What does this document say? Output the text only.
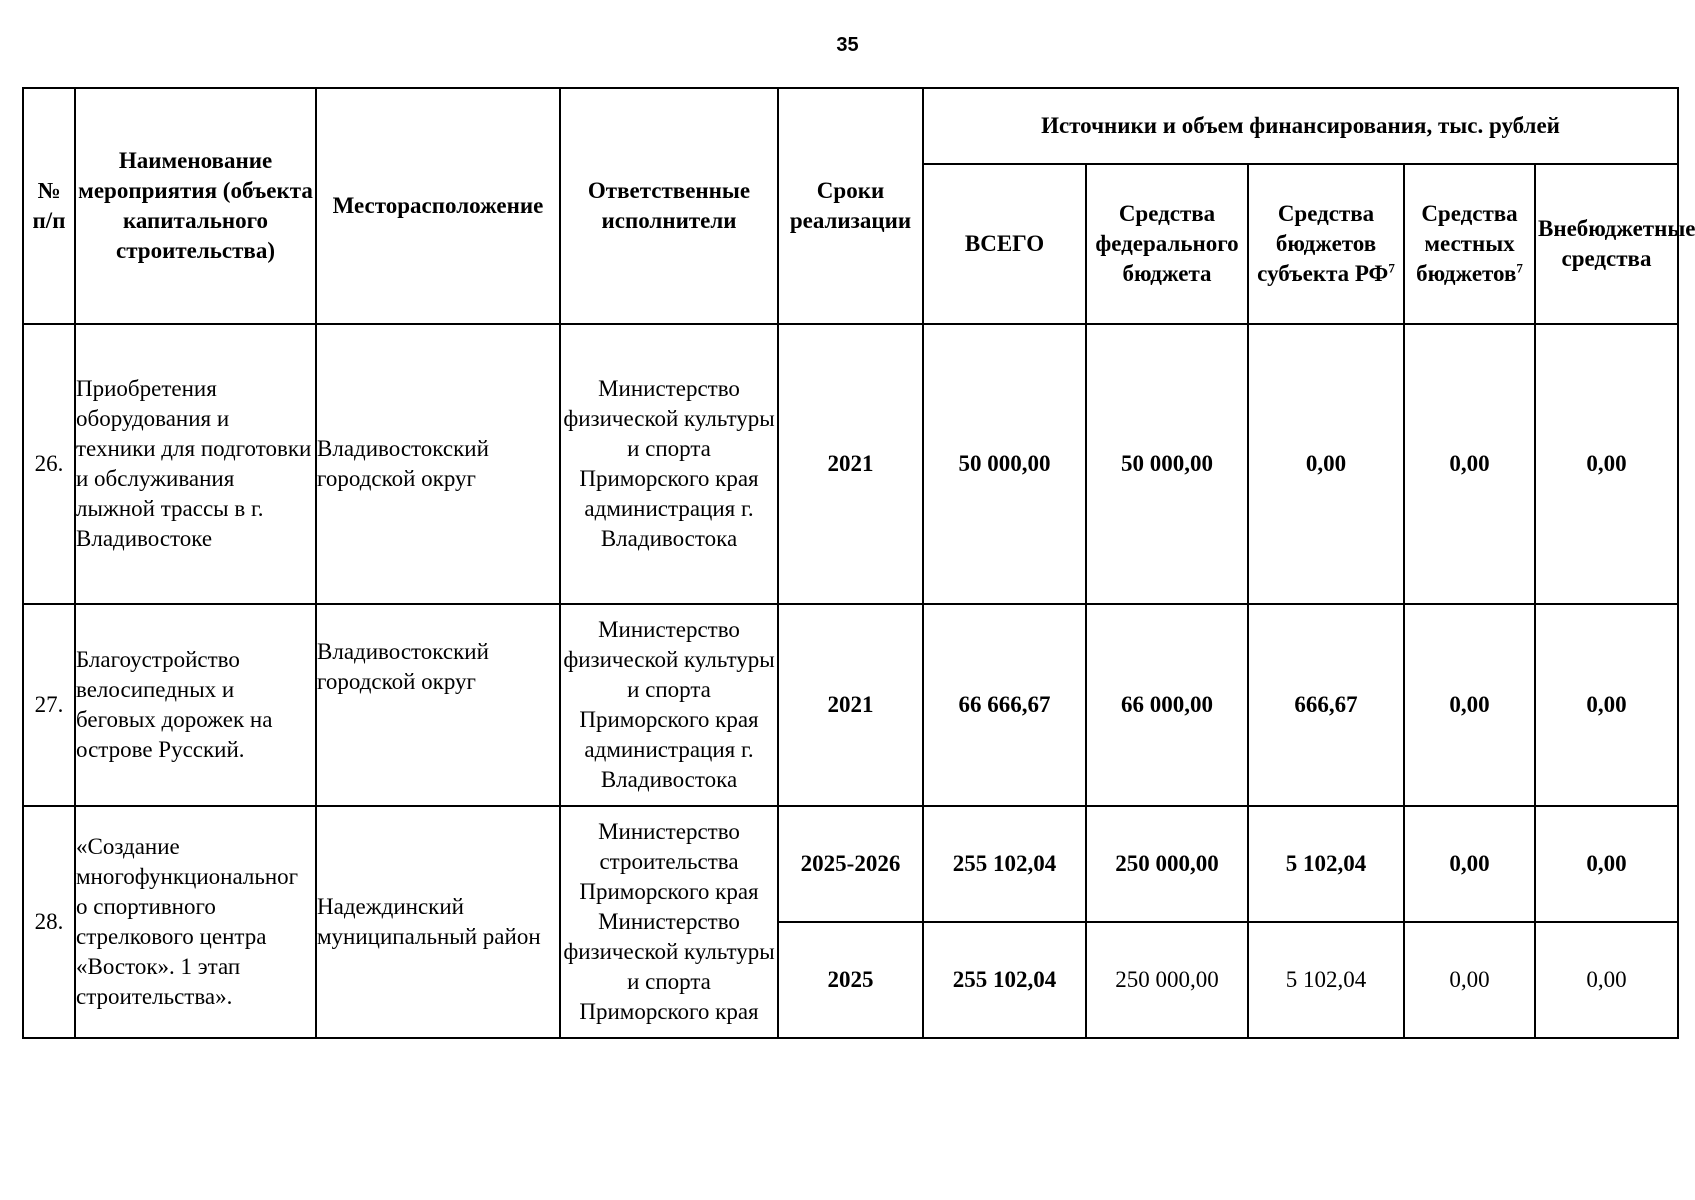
35
№ п/п	Наименование мероприятия (объекта капитального строительства)	Месторасположение	Ответственные исполнители	Сроки реализации	Источники и объем финансирования, тыс. рублей				
					ВСЕГО	Средства федерального бюджета	Средства бюджетов субъекта $РФ^7$	Средства местных бюджетов$^7$	Внебюджетные средства
26.	Приобретения оборудования и техники для подготовки и обслуживания лыжной трассы в г. Владивостоке	Владивостокский городской округ	Министерство физической культуры и спорта Приморского края администрация г. Владивостока	2021	50 000,00	50 000,00	0,00	0,00	0,00
27.	Благоустройство велосипедных и беговых дорожек на острове Русский.	Владивостокский городской округ	Министерство физической культуры и спорта Приморского края администрация г. Владивостока	2021	66 666,67	66 000,00	666,67	0,00	0,00
28.	«Создание многофункциональног о спортивного стрелкового центра «Восток». 1 этап строительства».	Надеждинский муниципальный район	Министерство строительства Приморского края Министерство физической культуры и спорта Приморского края	2025-2026	255 102,04	250 000,00	5 102,04	0,00	0,00
				2025	255 102,04	250 000,00	5 102,04	0,00	0,00
